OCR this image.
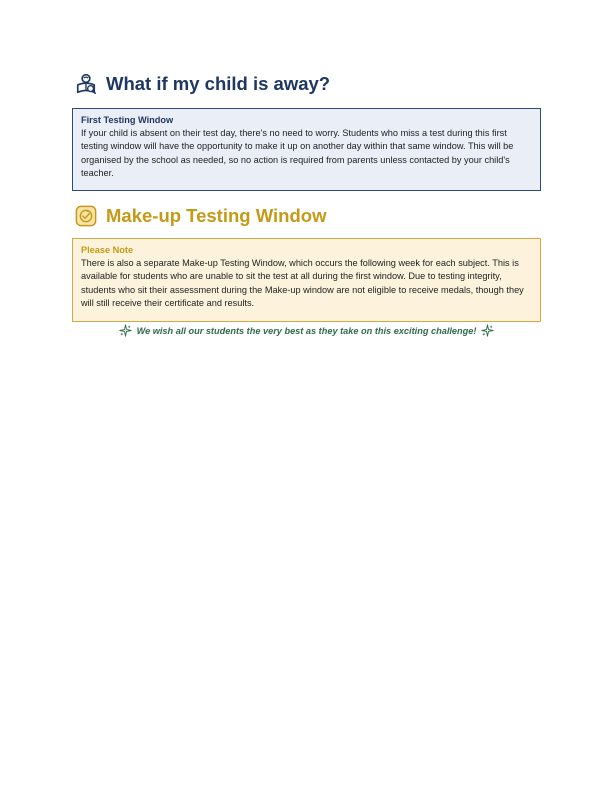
What if my child is away?
First Testing Window

If your child is absent on their test day, there's no need to worry. Students who miss a test during this first testing window will have the opportunity to make it up on another day within that same window. This will be organised by the school as needed, so no action is required from parents unless contacted by your child's teacher.

Make-up Testing Window
Please Note

There is also a separate Make-up Testing Window, which occurs the following week for each subject. This is available for students who are unable to sit the test at all during the first window. Due to testing integrity, students who sit their assessment during the Make-up window are not eligible to receive medals, though they will still receive their certificate and results.

We wish all our students the very best as they take on this exciting challenge!
